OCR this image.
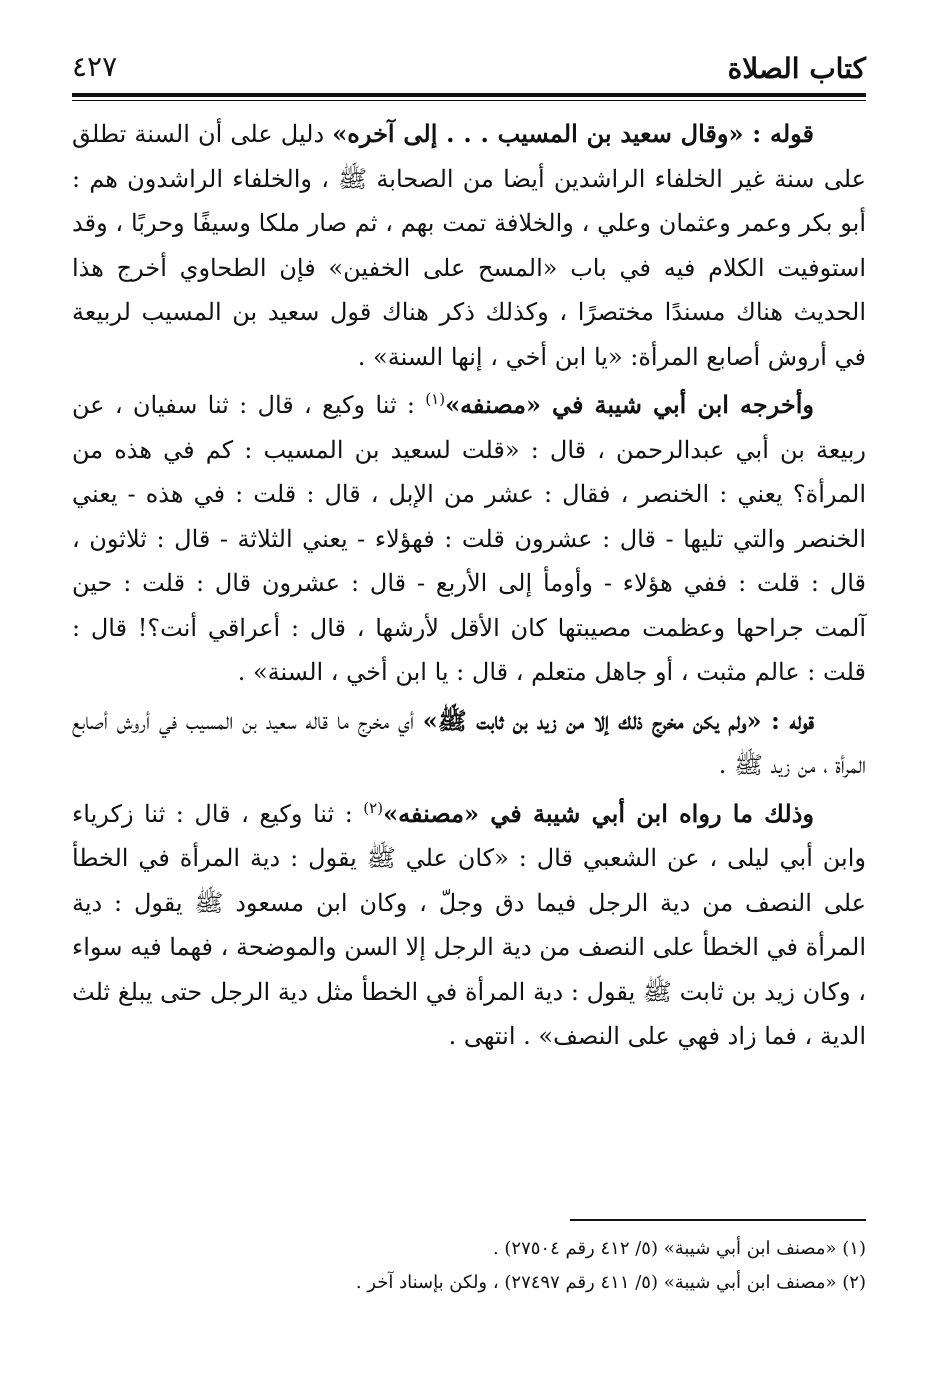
كتاب الصلاة
٤٢٧

قوله : «وقال سعيد بن المسيب . . . إلى آخره» دليل على أن السنة تطلق على سنة غير الخلفاء الراشدين أيضا من الصحابة ﷺ ، والخلفاء الراشدون هم : أبو بكر وعمر وعثمان وعلي ، والخلافة تمت بهم ، ثم صار ملكا وسيفًا وحربًا ، وقد استوفيت الكلام فيه في باب «المسح على الخفين» فإن الطحاوي أخرج هذا الحديث هناك مسندًا مختصرًا ، وكذلك ذكر هناك قول سعيد بن المسيب لربيعة في أروش أصابع المرأة: «يا ابن أخي ، إنها السنة» .

وأخرجه ابن أبي شيبة في «مصنفه»$^{(١)}$ : ثنا وكيع ، قال : ثنا سفيان ، عن ربيعة بن أبي عبدالرحمن ، قال : «قلت لسعيد بن المسيب : كم في هذه من المرأة؟ يعني : الخنصر ، فقال : عشر من الإبل ، قال : قلت : في هذه - يعني الخنصر والتي تليها - قال : عشرون قلت : فهؤلاء - يعني الثلاثة - قال : ثلاثون ، قال : قلت : ففي هؤلاء - وأومأ إلى الأربع - قال : عشرون قال : قلت : حين آلمت جراحها وعظمت مصيبتها كان الأقل لأرشها ، قال : أعراقي أنت؟! قال : قلت : عالم مثبت ، أو جاهل متعلم ، قال : يا ابن أخي ، السنة» .

قوله : «ولم يكن مخرج ذلك إلا من زيد بن ثابت ﷺ» أي مخرج ما قاله سعيد بن المسيب في أروش أصابع المرأة ، من زيد ﷺ .

وذلك ما رواه ابن أبي شيبة في «مصنفه»$^{(٢)}$ : ثنا وكيع ، قال : ثنا زكرياء وابن أبي ليلى ، عن الشعبي قال : «كان علي ﷺ يقول : دية المرأة في الخطأ على النصف من دية الرجل فيما دق وجلّ ، وكان ابن مسعود ﷺ يقول : دية المرأة في الخطأ على النصف من دية الرجل إلا السن والموضحة ، فهما فيه سواء ، وكان زيد بن ثابت ﷺ يقول : دية المرأة في الخطأ مثل دية الرجل حتى يبلغ ثلث الدية ، فما زاد فهي على النصف» . انتهى .

(١) «مصنف ابن أبي شيبة» (٥/ ٤١٢ رقم ٢٧٥٠٤) .
(٢) «مصنف ابن أبي شيبة» (٥/ ٤١١ رقم ٢٧٤٩٧) ، ولكن بإسناد آخر .
